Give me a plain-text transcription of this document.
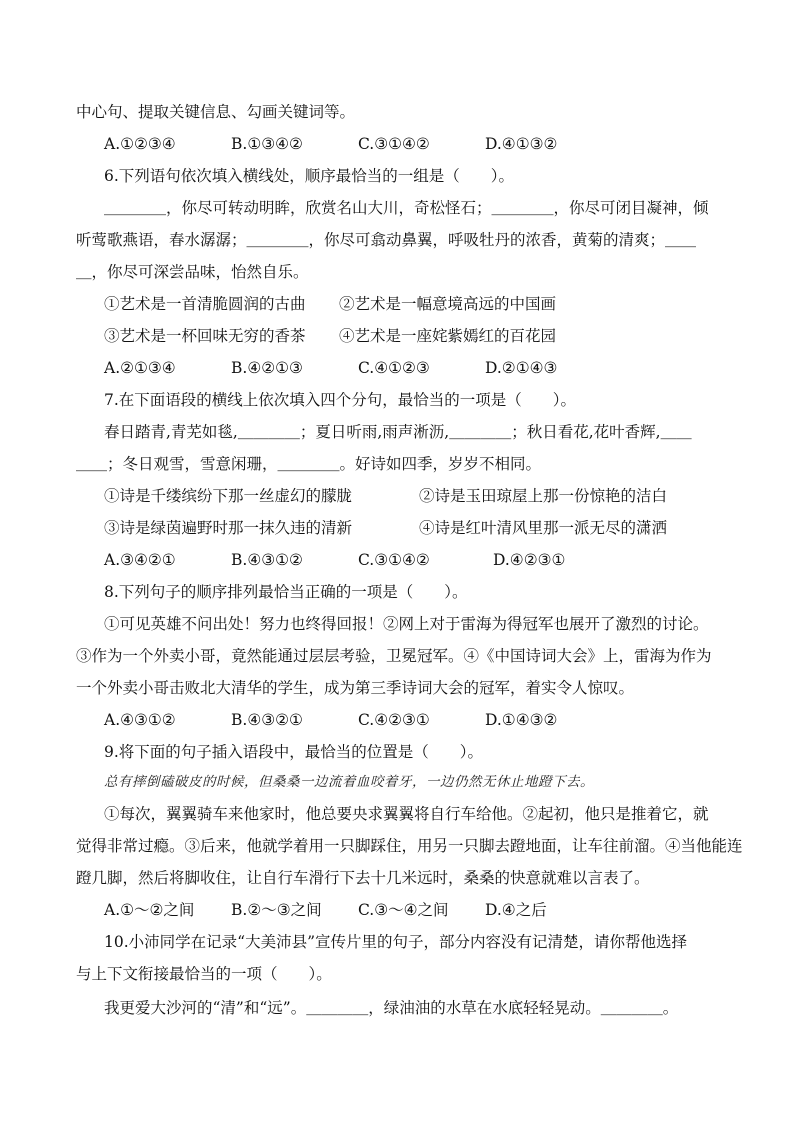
中心句、提取关键信息、勾画关键词等。
A.①②③④	B.①③④②	C.③①④②	D.④①③②
6.下列语句依次填入横线处，顺序最恰当的一组是（　　）。
＿＿＿＿，你尽可转动明眸，欣赏名山大川，奇松怪石；＿＿＿＿，你尽可闭目凝神，倾
听莺歌燕语，春水潺潺；＿＿＿＿，你尽可翕动鼻翼，呼吸牡丹的浓香，黄菊的清爽；＿＿
＿，你尽可深尝品味，怡然自乐。
①艺术是一首清脆圆润的古曲	②艺术是一幅意境高远的中国画
③艺术是一杯回味无穷的香茶	④艺术是一座姹紫嫣红的百花园
A.②①③④	B.④②①③	C.④①②③	D.②①④③
7.在下面语段的横线上依次填入四个分句，最恰当的一项是（　　）。
春日踏青,青芜如毯,＿＿＿＿；夏日听雨,雨声淅沥,＿＿＿＿；秋日看花,花叶香辉,＿＿
＿＿；冬日观雪，雪意闲珊，＿＿＿＿。好诗如四季，岁岁不相同。
①诗是千缕缤纷下那一丝虚幻的朦胧	②诗是玉田琼屋上那一份惊艳的洁白
③诗是绿茵遍野时那一抹久违的清新	④诗是红叶清风里那一派无尽的潇洒
A.③④②①	B.④③①②	C.③①④②	D.④②③①
8.下列句子的顺序排列最恰当正确的一项是（　　）。
①可见英雄不问出处！努力也终得回报！②网上对于雷海为得冠军也展开了激烈的讨论。
③作为一个外卖小哥，竟然能通过层层考验，卫冕冠军。④《中国诗词大会》上，雷海为作为
一个外卖小哥击败北大清华的学生，成为第三季诗词大会的冠军，着实令人惊叹。
A.④③①②	B.④③②①	C.④②③①	D.①④③②
9.将下面的句子插入语段中，最恰当的位置是（　　）。
总有摔倒磕破皮的时候，但桑桑一边流着血咬着牙，一边仍然无休止地蹬下去。
①每次，翼翼骑车来他家时，他总要央求翼翼将自行车给他。②起初，他只是推着它，就
觉得非常过瘾。③后来，他就学着用一只脚踩住，用另一只脚去蹬地面，让车往前溜。④当他能连
蹬几脚，然后将脚收住，让自行车滑行下去十几米远时，桑桑的快意就难以言表了。
A.①～②之间	B.②～③之间	C.③～④之间	D.④之后
10.小沛同学在记录“大美沛县”宣传片里的句子，部分内容没有记清楚，请你帮他选择
与上下文衔接最恰当的一项（　　）。
我更爱大沙河的“清”和“远”。＿＿＿＿，绿油油的水草在水底轻轻晃动。＿＿＿＿。
